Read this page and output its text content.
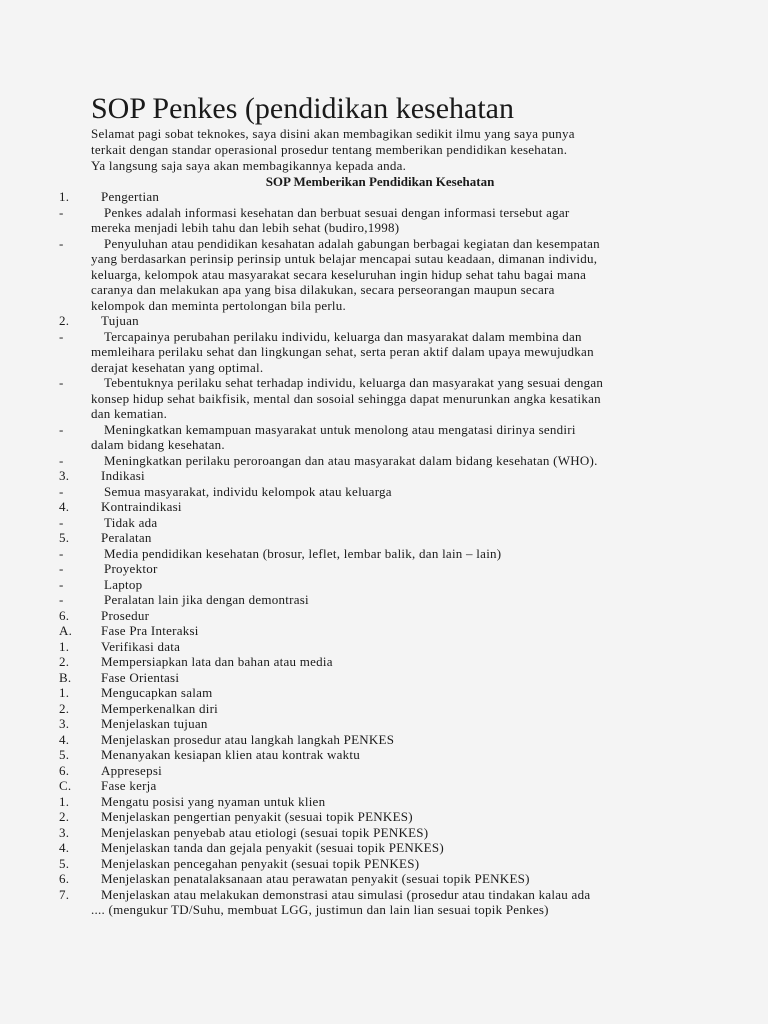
SOP Penkes (pendidikan kesehatan
Selamat pagi sobat teknokes, saya disini akan membagikan sedikit ilmu yang saya punya
terkait dengan standar operasional prosedur tentang memberikan pendidikan kesehatan.
Ya langsung saja saya akan membagikannya kepada anda.
SOP Memberikan Pendidikan Kesehatan
1. Pengertian
-	Penkes adalah informasi kesehatan dan berbuat sesuai dengan informasi tersebut agar
mereka menjadi lebih tahu dan lebih sehat (budiro,1998)
-	Penyuluhan atau pendidikan kesahatan adalah gabungan berbagai kegiatan dan kesempatan
yang berdasarkan perinsip perinsip untuk belajar mencapai sutau keadaan, dimanan individu,
keluarga, kelompok atau masyarakat secara keseluruhan ingin hidup sehat tahu bagai mana
caranya dan melakukan apa yang bisa dilakukan, secara perseorangan maupun secara
kelompok dan meminta pertolongan bila perlu.
2. Tujuan
-	Tercapainya perubahan perilaku individu, keluarga dan masyarakat dalam membina dan
memleihara perilaku sehat dan lingkungan sehat, serta peran aktif dalam upaya mewujudkan
derajat kesehatan yang optimal.
-	Tebentuknya perilaku sehat terhadap individu, keluarga dan masyarakat yang sesuai dengan
konsep hidup sehat baikfisik, mental dan sosoial sehingga dapat menurunkan angka kesatikan
dan kematian.
-	Meningkatkan kemampuan masyarakat untuk menolong atau mengatasi dirinya sendiri
dalam bidang kesehatan.
-	Meningkatkan perilaku peroroangan dan atau masyarakat dalam bidang kesehatan (WHO).
3. Indikasi
-	Semua masyarakat, individu kelompok atau keluarga
4. Kontraindikasi
-	Tidak ada
5. Peralatan
-	Media pendidikan kesehatan (brosur, leflet, lembar balik, dan lain – lain)
-	Proyektor
-	Laptop
-	Peralatan lain jika dengan demontrasi
6. Prosedur
A. Fase Pra Interaksi
1. Verifikasi data
2. Mempersiapkan lata dan bahan atau media
B. Fase Orientasi
1. Mengucapkan salam
2. Memperkenalkan diri
3. Menjelaskan tujuan
4. Menjelaskan prosedur atau langkah langkah PENKES
5. Menanyakan kesiapan klien atau kontrak waktu
6. Appresepsi
C. Fase kerja
1. Mengatu posisi yang nyaman untuk klien
2. Menjelaskan pengertian penyakit (sesuai topik PENKES)
3. Menjelaskan penyebab atau etiologi (sesuai topik PENKES)
4. Menjelaskan tanda dan gejala penyakit (sesuai topik PENKES)
5. Menjelaskan pencegahan penyakit (sesuai topik PENKES)
6. Menjelaskan penatalaksanaan atau perawatan penyakit (sesuai topik PENKES)
7. Menjelaskan atau melakukan demonstrasi atau simulasi (prosedur atau tindakan kalau ada
.... (mengukur TD/Suhu, membuat LGG, justimun dan lain lian sesuai topik Penkes)
